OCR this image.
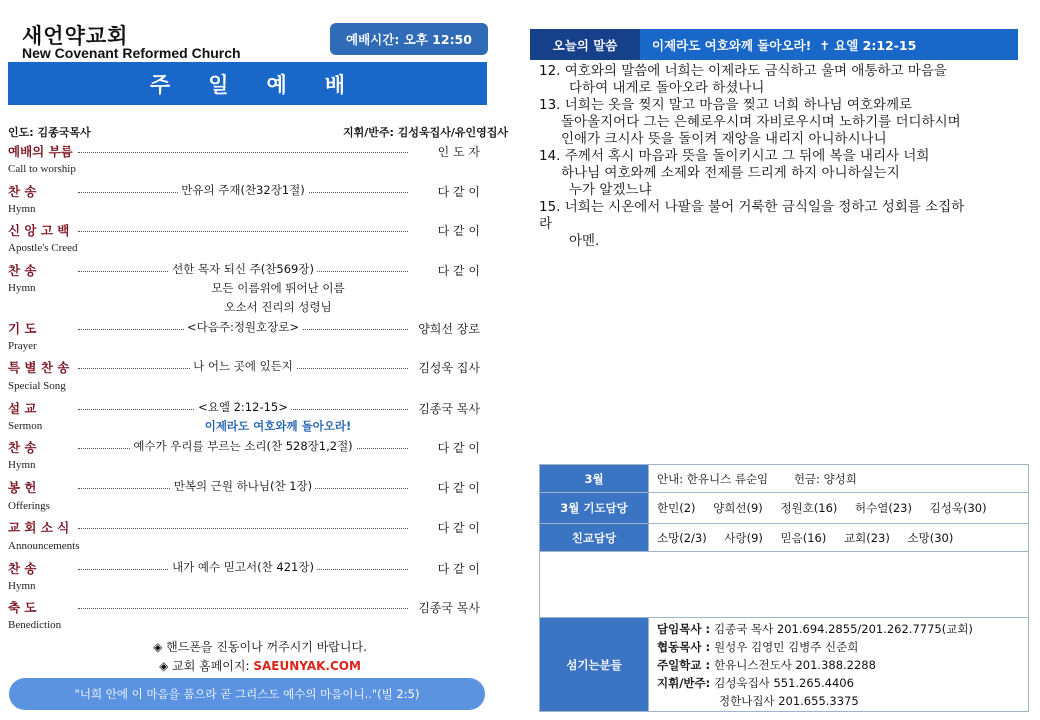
새언약교회
New Covenant Reformed Church
예배시간: 오후 12:50
주일예배
인도: 김종국목사	지휘/반주: 김성욱집사/유인영집사
예배의 부름	인 도 자
Call to worship
찬 송	만유의 주재(찬32장1절)	다 같 이
Hymn
신 앙 고 백	다 같 이
Apostle's Creed
찬 송	선한 목자 되신 주(찬569장)	다 같 이
Hymn	모든 이름위에 뛰어난 이름
오소서 진리의 성령님
기 도	<다음주:정원호장로>	양희선 장로
Prayer
특 별 찬 송	나 어느 곳에 있든지	김성욱 집사
Special Song
설 교	<요엘 2:12-15>	김종국 목사
Sermon	이제라도 여호와께 돌아오라!
찬 송	예수가 우리를 부르는 소리(찬 528장1,2절)	다 같 이
Hymn
봉 헌	만복의 근원 하나님(찬 1장)	다 같 이
Offerings
교 회 소 식	다 같 이
Announcements
찬 송	내가 예수 믿고서(찬 421장)	다 같 이
Hymn
축 도	김종국 목사
Benediction
◈ 핸드폰을 진동이나 꺼주시기 바랍니다.
◈ 교회 홈페이지: SAEUNYAK.COM
"너희 안에 이 마음을 품으라 곧 그리스도 예수의 마음이니.."(빌 2:5)
오늘의 말씀	이제라도 여호와께 돌아오라! ✝ 요엘 2:12-15

12. 여호와의 말씀에 너희는 이제라도 금식하고 울며 애통하고 마음을

다하여 내게로 돌아오라 하셨나니

13. 너희는 옷을 찢지 말고 마음을 찢고 너희 하나님 여호와께로

돌아올지어다 그는 은혜로우시며 자비로우시며 노하기를 더디하시며

인애가 크시사 뜻을 돌이켜 재앙을 내리지 아니하시나니

14. 주께서 혹시 마음과 뜻을 돌이키시고 그 뒤에 복을 내리사 너희

하나님 여호와께 소제와 전제를 드리게 하지 아니하실는지

누가 알겠느냐

15. 너희는 시온에서 나팔을 불어 거룩한 금식일을 정하고 성회를 소집하

라

아멘.

3월	안내: 한유니스 류순임 헌금: 양성희
3월 기도담당	한민(2) 양희선(9) 정원호(16) 허수열(23) 김성욱(30)
친교담당	소망(2/3) 사랑(9) 믿음(16) 교회(23) 소망(30)

섬기는분들	담임목사 : 김종국 목사 201.694.2855/201.262.7775(교회)
협동목사 : 원성우 김영민 김병주 신준희
주일학교 : 한유니스전도사 201.388.2288
지휘/반주: 김성욱집사 551.265.4406
정한나집사 201.655.3375
